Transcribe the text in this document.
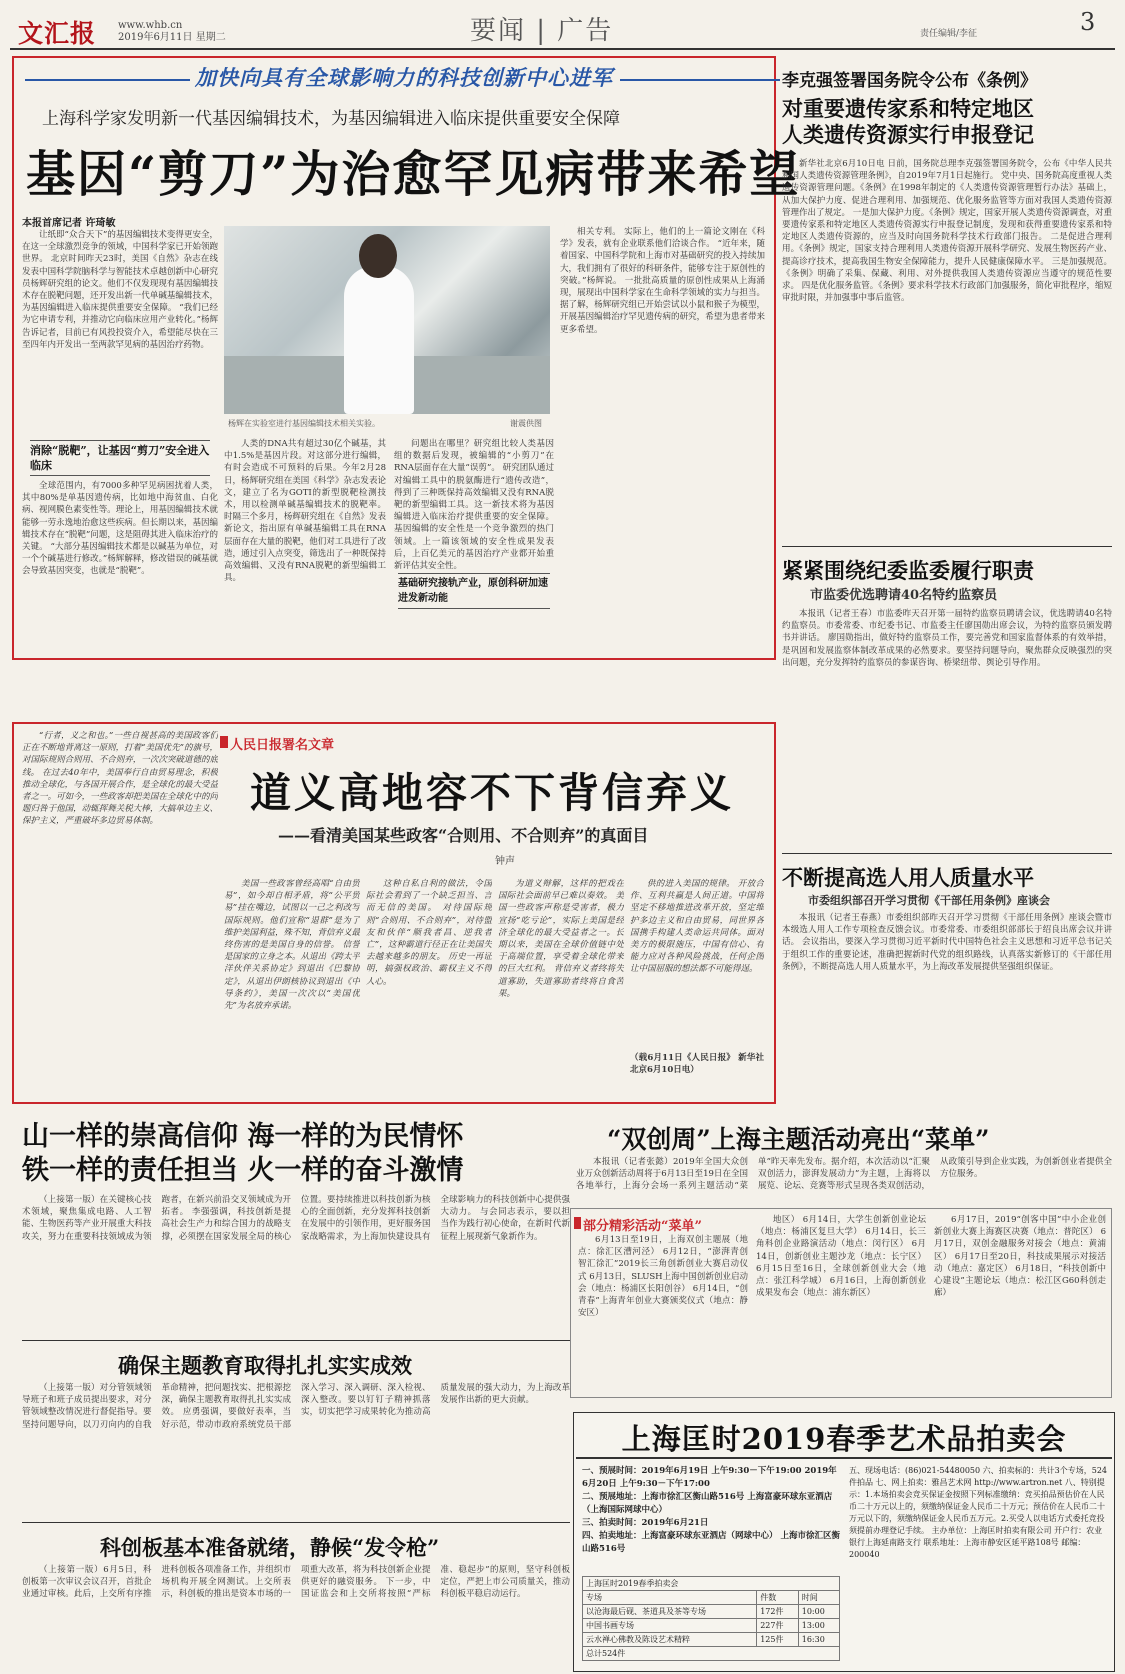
文汇报 www.whb.cn
2019年6月11日 星期二	要闻 | 广告	责任编辑/李征	3
加快向具有全球影响力的科技创新中心进军
上海科学家发明新一代基因编辑技术，为基因编辑进入临床提供重要安全保障
基因“剪刀”为治愈罕见病带来希望
本报首席记者 许琦敏

让纸即“众合天下”的基因编辑技术变得更安全，在这一全球激烈竞争的领域，中国科学家已开始领跑世界。 北京时间昨天23时，美国《自然》杂志在线发表中国科学院脑科学与智能技术卓越创新中心研究员杨辉研究组的论文。他们不仅发现现有基因编辑技术存在脱靶问题，还开发出新一代单碱基编辑技术，为基因编辑进入临床提供重要安全保障。 “我们已经为它申请专利，并推动它向临床应用产业转化。”杨辉告诉记者，目前已有风投投资介入，希望能尽快在三至四年内开发出一至两款罕见病的基因治疗药物。

杨辉在实验室进行基因编辑技术相关实验。	谢震供图
消除“脱靶”，让基因“剪刀”安全进入临床

全球范围内，有7000多种罕见病困扰着人类，其中80%是单基因遗传病，比如地中海贫血、白化病、视网膜色素变性等。理论上，用基因编辑技术就能够一劳永逸地治愈这些疾病。但长期以来，基因编辑技术存在“脱靶”问题，这是阻碍其进入临床治疗的关键。 “大部分基因编辑技术都是以碱基为单位，对一个个碱基进行修改。”杨辉解释，修改错误的碱基就会导致基因突变，也就是“脱靶”。

人类的DNA共有超过30亿个碱基，其中1.5%是基因片段。对这部分进行编辑，有时会造成不可预料的后果。今年2月28日，杨辉研究组在美国《科学》杂志发表论文，建立了名为GOTI的新型脱靶检测技术，用以检测单碱基编辑技术的脱靶率。 时隔三个多月，杨辉研究组在《自然》发表新论文，指出原有单碱基编辑工具在RNA层面存在大量的脱靶，他们对工具进行了改造，通过引入点突变，筛选出了一种既保持高效编辑、又没有RNA脱靶的新型编辑工具。

问题出在哪里？研究组比较人类基因组的数据后发现，被编辑的“小剪刀”在RNA层面存在大量“误剪”。 研究团队通过对编辑工具中的脱氨酶进行“遗传改造”，得到了三种既保持高效编辑又没有RNA脱靶的新型编辑工具。这一新技术将为基因编辑进入临床治疗提供重要的安全保障。 基因编辑的安全性是一个竞争激烈的热门领域。上一篇该领域的安全性成果发表后，上百亿美元的基因治疗产业都开始重新评估其安全性。

基础研究接轨产业，原创科研加速进发新动能

相关专利。 实际上，他们的上一篇论文刚在《科学》发表，就有企业联系他们洽谈合作。 “近年来，随着国家、中国科学院和上海市对基础研究的投入持续加大，我们拥有了很好的科研条件，能够专注于原创性的突破。”杨辉说。 一批批高质量的原创性成果从上海涌现，展现出中国科学家在生命科学领域的实力与担当。 据了解，杨辉研究组已开始尝试以小鼠和猴子为模型，开展基因编辑治疗罕见遗传病的研究，希望为患者带来更多希望。

李克强签署国务院令公布《条例》
对重要遗传家系和特定地区
人类遗传资源实行申报登记

新华社北京6月10日电 日前，国务院总理李克强签署国务院令，公布《中华人民共和国人类遗传资源管理条例》，自2019年7月1日起施行。 党中央、国务院高度重视人类遗传资源管理问题。《条例》在1998年制定的《人类遗传资源管理暂行办法》基础上，从加大保护力度、促进合理利用、加强规范、优化服务监管等方面对我国人类遗传资源管理作出了规定。 一是加大保护力度。《条例》规定，国家开展人类遗传资源调查，对重要遗传家系和特定地区人类遗传资源实行申报登记制度，发现和获得重要遗传家系和特定地区人类遗传资源的，应当及时向国务院科学技术行政部门报告。 二是促进合理利用。《条例》规定，国家支持合理利用人类遗传资源开展科学研究、发展生物医药产业、提高诊疗技术，提高我国生物安全保障能力，提升人民健康保障水平。 三是加强规范。《条例》明确了采集、保藏、利用、对外提供我国人类遗传资源应当遵守的规范性要求。 四是优化服务监管。《条例》要求科学技术行政部门加强服务，简化审批程序，缩短审批时限，并加强事中事后监管。

紧紧围绕纪委监委履行职责
市监委优选聘请40名特约监察员

本报讯（记者王春）市监委昨天召开第一届特约监察员聘请会议，优选聘请40名特约监察员。市委常委、市纪委书记、市监委主任廖国勋出席会议，为特约监察员颁发聘书并讲话。 廖国勋指出，做好特约监察员工作，要完善党和国家监督体系的有效举措，是巩固和发展监察体制改革成果的必然要求。要坚持问题导向，聚焦群众反映强烈的突出问题，充分发挥特约监察员的参谋咨询、桥梁纽带、舆论引导作用。

不断提高选人用人质量水平
市委组织部召开学习贯彻《干部任用条例》座谈会

本报讯（记者王春燕）市委组织部昨天召开学习贯彻《干部任用条例》座谈会暨市本级选人用人工作专项检查反馈会议。市委常委、市委组织部部长于绍良出席会议并讲话。 会议指出，要深入学习贯彻习近平新时代中国特色社会主义思想和习近平总书记关于组织工作的重要论述，准确把握新时代党的组织路线，认真落实新修订的《干部任用条例》，不断提高选人用人质量水平，为上海改革发展提供坚强组织保证。

人民日报署名文章
道义高地容不下背信弃义
——看清美国某些政客“合则用、不合则弃”的真面目
钟声

“行者，义之和也。”一些自视甚高的美国政客们正在不断地背离这一原则，打着“美国优先”的旗号，对国际规则合则用、不合则弃，一次次突破道德的底线。 在过去40年中，美国奉行自由贸易理念，积极推动全球化，与各国开展合作，是全球化的最大受益者之一。可如今，一些政客却把美国在全球化中的问题归咎于他国，动辄挥舞关税大棒，大搞单边主义、保护主义，严重破坏多边贸易体制。

美国一些政客曾经高唱“自由贸易”，如今却自相矛盾，将“公平贸易”挂在嘴边，试图以一己之利改写国际规则。他们宣称“退群”是为了维护美国利益，殊不知，背信弃义最终伤害的是美国自身的信誉。 信誉是国家的立身之本。从退出《跨太平洋伙伴关系协定》到退出《巴黎协定》，从退出伊朗核协议到退出《中导条约》，美国一次次以“美国优先”为名放弃承诺。

这种自私自利的做法，令国际社会看到了一个缺乏担当、言而无信的美国。 对待国际规则“合则用、不合则弃”，对待盟友和伙伴“顺我者昌、逆我者亡”，这种霸道行径正在让美国失去越来越多的朋友。 历史一再证明，搞强权政治、霸权主义不得人心。

为道义辩解，这样的把戏在国际社会面前早已难以奏效。 美国一些政客声称是受害者，极力宣扬“吃亏论”，实际上美国是经济全球化的最大受益者之一。长期以来，美国在全球价值链中处于高端位置，享受着全球化带来的巨大红利。 背信弃义者终将失道寡助，失道寡助者终将自食苦果。

供的进入美国的规律。 开放合作、互利共赢是人间正道。中国将坚定不移地推进改革开放，坚定维护多边主义和自由贸易，同世界各国携手构建人类命运共同体。面对美方的极限施压，中国有信心、有能力应对各种风险挑战，任何企图让中国屈服的想法都不可能得逞。

（载6月11日《人民日报》 新华社北京6月10日电）

山一样的崇高信仰 海一样的为民情怀
铁一样的责任担当 火一样的奋斗激情

（上接第一版）在关键核心技术领域，聚焦集成电路、人工智能、生物医药等产业开展重大科技攻关，努力在重要科技领域成为领跑者，在新兴前沿交叉领域成为开拓者。 李强强调，科技创新是提高社会生产力和综合国力的战略支撑，必须摆在国家发展全局的核心位置。要持续推进以科技创新为核心的全面创新，充分发挥科技创新在发展中的引领作用，更好服务国家战略需求，为上海加快建设具有全球影响力的科技创新中心提供强大动力。 与会同志表示，要以担当作为践行初心使命，在新时代新征程上展现新气象新作为。

确保主题教育取得扎扎实实成效

（上接第一版）对分管领域领导班子和班子成员提出要求，对分管领域整改情况进行督促指导。要坚持问题导向，以刀刃向内的自我革命精神，把问题找实、把根源挖深，确保主题教育取得扎扎实实成效。 应勇强调，要做好表率，当好示范，带动市政府系统党员干部深入学习、深入调研、深入检视、深入整改。要以钉钉子精神抓落实，切实把学习成果转化为推动高质量发展的强大动力，为上海改革发展作出新的更大贡献。

科创板基本准备就绪，静候“发令枪”

（上接第一版）6月5日，科创板第一次审议会议召开，首批企业通过审核。此后，上交所有序推进科创板各项准备工作，并组织市场机构开展全网测试。上交所表示，科创板的推出是资本市场的一项重大改革，将为科技创新企业提供更好的融资服务。 下一步，中国证监会和上交所将按照“严标准、稳起步”的原则，坚守科创板定位，严把上市公司质量关，推动科创板平稳启动运行。

“双创周”上海主题活动亮出“菜单”

本报讯（记者张懿）2019年全国大众创业万众创新活动周将于6月13日至19日在全国各地举行，上海分会场一系列主题活动“菜单”昨天率先发布。据介绍，本次活动以“汇聚双创活力，澎湃发展动力”为主题，上海将以展览、论坛、竞赛等形式呈现各类双创活动，从政策引导到企业实践，为创新创业者提供全方位服务。

部分精彩活动“菜单”

6月13日至19日，上海双创主题展（地点：徐汇区漕河泾） 6月12日，“澎湃青创 智汇徐汇”2019长三角创新创业大赛启动仪式 6月13日，SLUSH上海中国创新创业启动会（地点：杨浦区长阳创谷） 6月14日，“创青春”上海青年创业大赛颁奖仪式（地点：静安区）

地区） 6月14日，大学生创新创业论坛（地点：杨浦区复旦大学） 6月14日，长三角科创企业路演活动（地点：闵行区） 6月14日，创新创业主题沙龙（地点：长宁区） 6月15日至16日，全球创新创业大会（地点：张江科学城） 6月16日，上海创新创业成果发布会（地点：浦东新区）

6月17日，2019“创客中国”中小企业创新创业大赛上海赛区决赛（地点：普陀区） 6月17日，双创金融服务对接会（地点：黄浦区） 6月17日至20日，科技成果展示对接活动（地点：嘉定区） 6月18日，“科技创新中心建设”主题论坛（地点：松江区G60科创走廊）

上海匡时2019春季艺术品拍卖会
一、预展时间：2019年6月19日 上午9:30－下午19:00 2019年6月20日 上午9:30－下午17:00
二、预展地址：上海市徐汇区衡山路516号 上海富豪环球东亚酒店（上海国际网球中心）
三、拍卖时间：2019年6月21日
四、拍卖地址：上海富豪环球东亚酒店（网球中心） 上海市徐汇区衡山路516号
五、现场电话：(86)021-54480050 六、拍卖标的：共计3个专场，524件拍品 七、网上拍卖：雅昌艺术网 http://www.artron.net 八、特别提示：1.本场拍卖会竞买保证金按照下列标准缴纳：竞买拍品预估价在人民币二十万元以上的，须缴纳保证金人民币二十万元；预估价在人民币二十万元以下的，须缴纳保证金人民币五万元。2.买受人以电话方式委托竞投须提前办理登记手续。 主办单位：上海匡时拍卖有限公司 开户行：农业银行上海延南路支行 联系地址：上海市静安区延平路108号 邮编：200040
上海匡时2019春季拍卖会		
专场	件数	时间
以沧海最后砚、茶道具及茶等专场	172件	10:00
中国书画专场	227件	13:00
云水禅心佛教及陈设艺术精粹	125件	16:30
总计524件		
